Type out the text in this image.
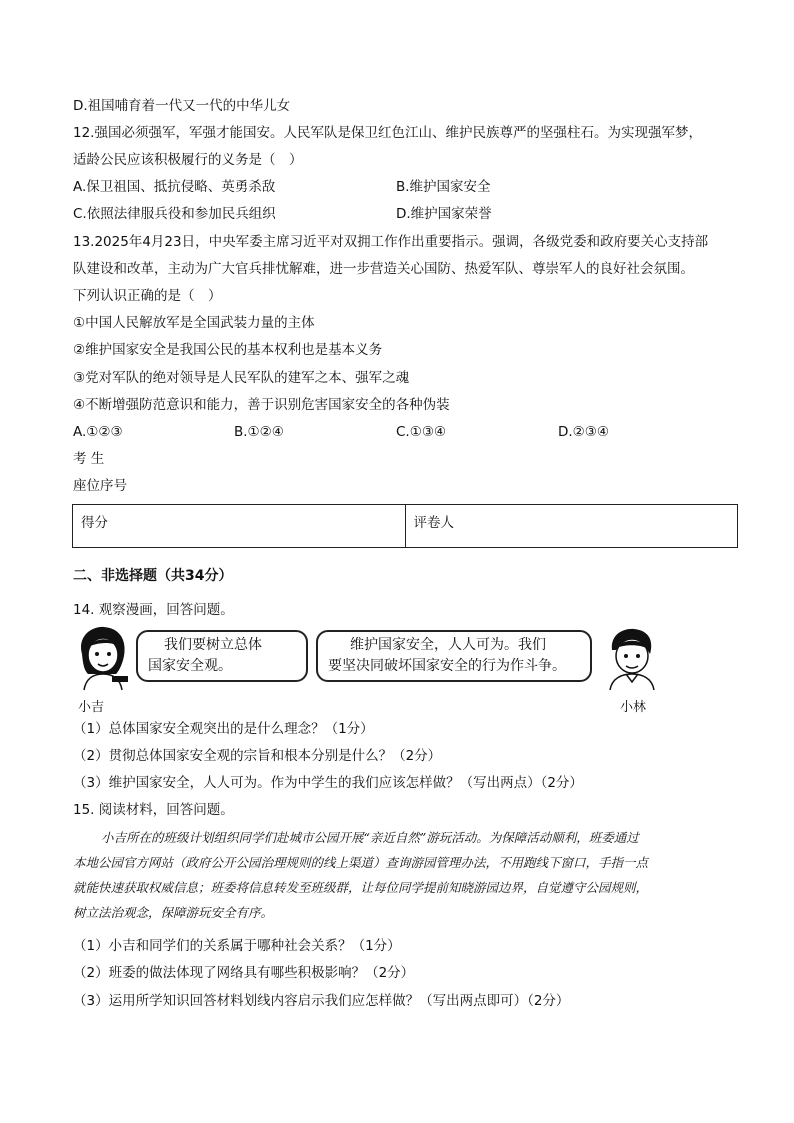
D.祖国哺育着一代又一代的中华儿女
12.强国必须强军，军强才能国安。人民军队是保卫红色江山、维护民族尊严的坚强柱石。为实现强军梦，
适龄公民应该积极履行的义务是（　）
A.保卫祖国、抵抗侵略、英勇杀敌	B.维护国家安全
C.依照法律服兵役和参加民兵组织	D.维护国家荣誉
13.2025年4月23日，中央军委主席习近平对双拥工作作出重要指示。强调，各级党委和政府要关心支持部
队建设和改革，主动为广大官兵排忧解难，进一步营造关心国防、热爱军队、尊崇军人的良好社会氛围。
下列认识正确的是（　）
①中国人民解放军是全国武装力量的主体
②维护国家安全是我国公民的基本权利也是基本义务
③党对军队的绝对领导是人民军队的建军之本、强军之魂
④不断增强防范意识和能力，善于识别危害国家安全的各种伪装
A.①②③	B.①②④	C.①③④	D.②③④
考 生
座位序号
得分	评卷人
二、非选择题（共34分）
14. 观察漫画，回答问题。
小吉
我们要树立总体
国家安全观。
维护国家安全，人人可为。我们
要坚决同破坏国家安全的行为作斗争。
小林
（1）总体国家安全观突出的是什么理念？（1分）
（2）贯彻总体国家安全观的宗旨和根本分别是什么？（2分）
（3）维护国家安全，人人可为。作为中学生的我们应该怎样做？（写出两点）（2分）
15. 阅读材料，回答问题。
小吉所在的班级计划组织同学们赴城市公园开展“亲近自然”游玩活动。为保障活动顺利，班委通过
本地公园官方网站（政府公开公园治理规则的线上渠道）查询游园管理办法，不用跑线下窗口，手指一点
就能快速获取权威信息；班委将信息转发至班级群，让每位同学提前知晓游园边界，自觉遵守公园规则，
树立法治观念，保障游玩安全有序。
（1）小吉和同学们的关系属于哪种社会关系？（1分）
（2）班委的做法体现了网络具有哪些积极影响？（2分）
（3）运用所学知识回答材料划线内容启示我们应怎样做？（写出两点即可）（2分）
